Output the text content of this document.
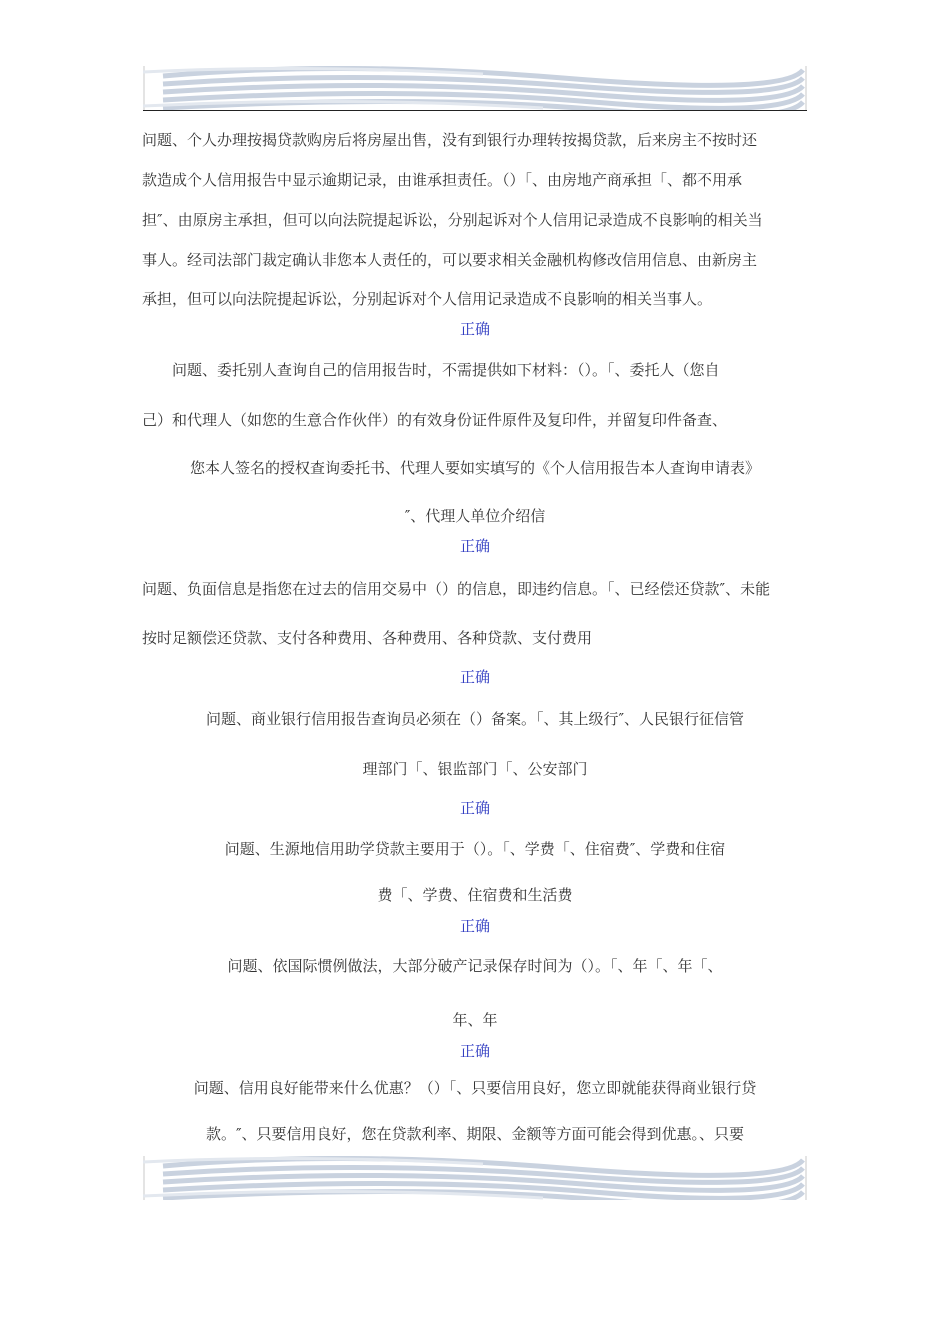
问题、个人办理按揭贷款购房后将房屋出售，没有到银行办理转按揭贷款，后来房主不按时还
款造成个人信用报告中显示逾期记录，由谁承担责任。（）「、由房地产商承担「、都不用承
担″、由原房主承担，但可以向法院提起诉讼，分别起诉对个人信用记录造成不良影响的相关当
事人。经司法部门裁定确认非您本人责任的，可以要求相关金融机构修改信用信息、由新房主
承担，但可以向法院提起诉讼，分别起诉对个人信用记录造成不良影响的相关当事人。
正确
问题、委托别人查询自己的信用报告时，不需提供如下材料：（）。「、委托人（您自
己）和代理人（如您的生意合作伙伴）的有效身份证件原件及复印件，并留复印件备查、
您本人签名的授权查询委托书、代理人要如实填写的《个人信用报告本人查询申请表》
″、代理人单位介绍信
正确
问题、负面信息是指您在过去的信用交易中（）的信息，即违约信息。「、已经偿还贷款″、未能
按时足额偿还贷款、支付各种费用、各种费用、各种贷款、支付费用
正确
问题、商业银行信用报告查询员必须在（）备案。「、其上级行″、人民银行征信管
理部门「、银监部门「、公安部门
正确
问题、生源地信用助学贷款主要用于（）。「、学费「、住宿费″、学费和住宿
费「、学费、住宿费和生活费
正确
问题、依国际惯例做法，大部分破产记录保存时间为（）。「、年「、年「、
年、年
正确
问题、信用良好能带来什么优惠？（）「、只要信用良好，您立即就能获得商业银行贷
款。″、只要信用良好，您在贷款利率、期限、金额等方面可能会得到优惠。、只要
